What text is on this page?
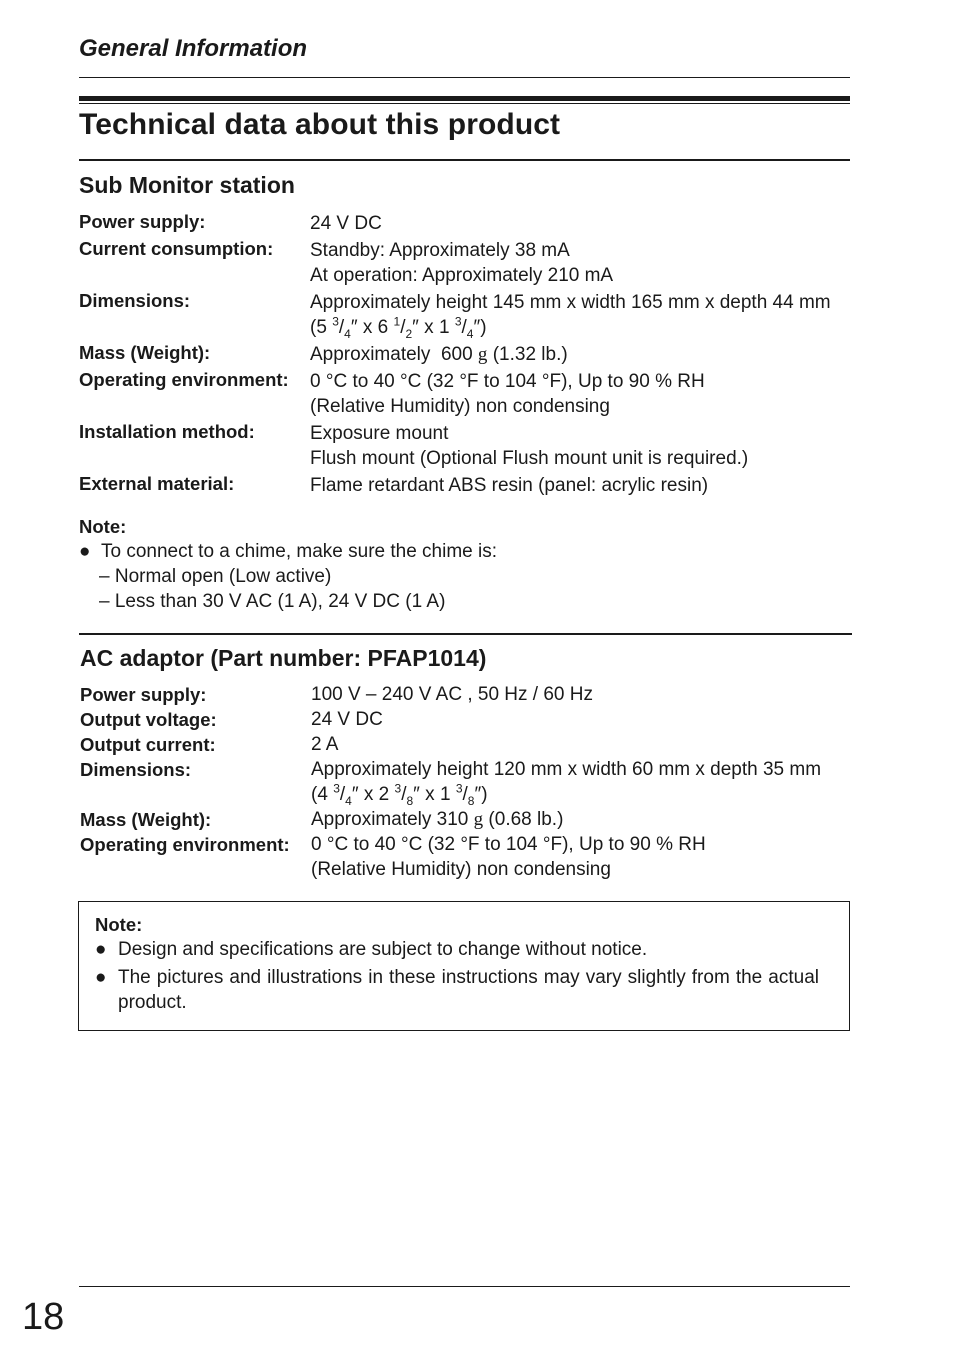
General Information
Technical data about this product
Sub Monitor station
Power supply:	24 V DC
Current consumption:	Standby: Approximately 38 mA
At operation: Approximately 210 mA
Dimensions:	Approximately height 145 mm x width 165 mm x depth 44 mm
(5 $^3/_4''$ x 6 $^1/_2''$ x 1 $^3/_4''$)
Mass (Weight):	Approximately  600 g (1.32 lb.)
Operating environment:	0 °C to 40 °C (32 °F to 104 °F), Up to 90 % RH
(Relative Humidity) non condensing
Installation method:	Exposure mount
Flush mount (Optional Flush mount unit is required.)
External material:	Flame retardant ABS resin (panel: acrylic resin)
Note:
● To connect to a chime, make sure the chime is:
– Normal open (Low active)
– Less than 30 V AC (1 A), 24 V DC (1 A)
AC adaptor (Part number: PFAP1014)
Power supply:	100 V – 240 V AC , 50 Hz / 60 Hz
Output voltage:	24 V DC
Output current:	2 A
Dimensions:	Approximately height 120 mm x width 60 mm x depth 35 mm
(4 $^3/_4''$ x 2 $^3/_8''$ x 1 $^3/_8''$)
Mass (Weight):	Approximately 310 g (0.68 lb.)
Operating environment:	0 °C to 40 °C (32 °F to 104 °F), Up to 90 % RH
(Relative Humidity) non condensing
Note:
● Design and specifications are subject to change without notice.
● The pictures and illustrations in these instructions may vary slightly from the actual product.
18
